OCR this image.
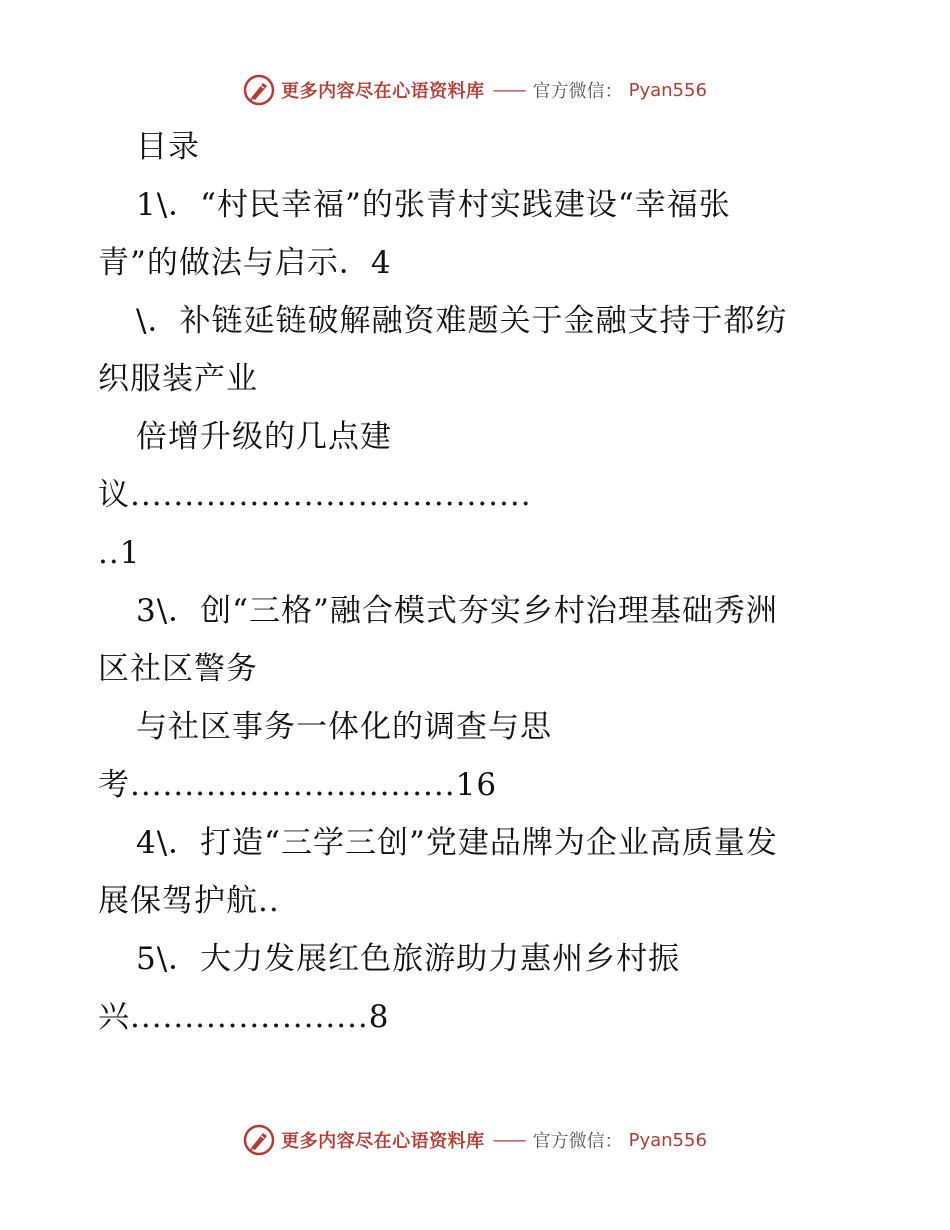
更多内容尽在心语资料库 —— 官方微信： Pyan556
目录
1\．“村民幸福”的张青村实践建设“幸福张
青”的做法与启示．4
\．补链延链破解融资难题关于金融支持于都纺
织服装产业
倍增升级的几点建
议.....................................
..1
3\．创“三格”融合模式夯实乡村治理基础秀洲
区社区警务
与社区事务一体化的调查与思
考..............................16
4\．打造“三学三创”党建品牌为企业高质量发
展保驾护航..
5\．大力发展红色旅游助力惠州乡村振
兴......................8
更多内容尽在心语资料库 —— 官方微信： Pyan556
